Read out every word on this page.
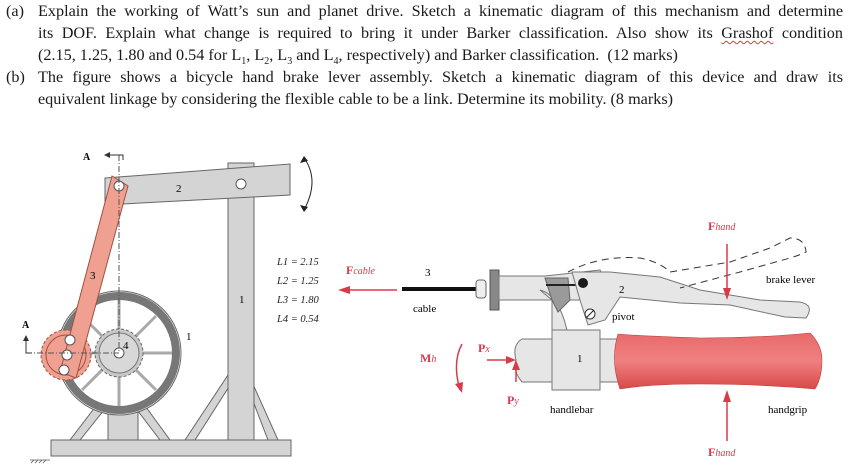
(a) Explain the working of Watt’s sun and planet drive. Sketch a kinematic diagram of this mechanism and determine
its DOF. Explain what change is required to bring it under Barker classification. Also show its Grashof condition
(2.15, 1.25, 1.80 and 0.54 for $L_1$, $L_2$, $L_3$ and $L_4$, respectively) and Barker classification.  (12 marks)
(b) The figure shows a bicycle hand brake lever assembly. Sketch a kinematic diagram of this device and draw its
equivalent linkage by considering the flexible cable to be a link. Determine its mobility. (8 marks)
2
4
1
3
1
A
A
L1 = 2.15
L2 = 1.25
L3 = 1.80
L4 = 0.54
Fcable	3
cable
2
pivot
brake lever
Fhand
1
handlebar	handgrip
Fhand
Mh
Px
Py
